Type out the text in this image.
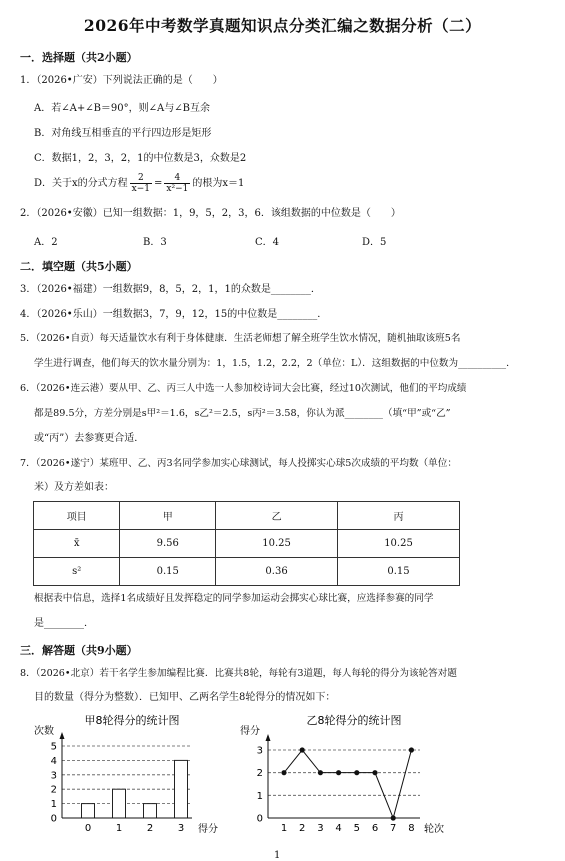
2026年中考数学真题知识点分类汇编之数据分析（二）
一．选择题（共2小题）
1．（2026•广安）下列说法正确的是（　　）
A．若∠A+∠B＝90°，则∠A与∠B互余
B．对角线互相垂直的平行四边形是矩形
C．数据1，2，3，2，1的中位数是3，众数是2
D．关于x的分式方程 $\frac{2}{x-1} = \frac{4}{\text{x²−1}}$ 的根为x＝1
2．（2026•安徽）已知一组数据：1，9，5，2，3，6．该组数据的中位数是（　　）
A．2	B．3	C．4	D．5
二．填空题（共5小题）
3．（2026•福建）一组数据9，8，5，2，1，1的众数是________．
4．（2026•乐山）一组数据3，7，9，12，15的中位数是________．
5．（2026•自贡）每天适量饮水有利于身体健康．生活老师想了解全班学生饮水情况，随机抽取该班5名
学生进行调查，他们每天的饮水量分别为：1，1.5，1.2，2.2，2（单位：L）．这组数据的中位数为__________．
6．（2026•连云港）要从甲、乙、丙三人中选一人参加校诗词大会比赛，经过10次测试，他们的平均成绩
都是89.5分，方差分别是s甲²＝1.6，s乙²＝2.5，s丙²＝3.58，你认为派________（填“甲”或“乙”
或“丙”）去参赛更合适．
7．（2026•遂宁）某班甲、乙、丙3名同学参加实心球测试，每人投掷实心球5次成绩的平均数（单位：
米）及方差如表：
项目	甲	乙	丙
x̄	9.56	10.25	10.25
s²	0.15	0.36	0.15
根据表中信息，选择1名成绩好且发挥稳定的同学参加运动会掷实心球比赛，应选择参赛的同学
是________．
三．解答题（共9小题）
8．（2026•北京）若干名学生参加编程比赛．比赛共8轮，每轮有3道题，每人每轮的得分为该轮答对题
目的数量（得分为整数）．已知甲、乙两名学生8轮得分的情况如下：
甲8轮得分的统计图
次数
得分
0
1
2
3
4
5
0 1 2 3
乙8轮得分的统计图
得分
轮次
0
1
2
3
1 2 3 4 5 6 7 8
1
